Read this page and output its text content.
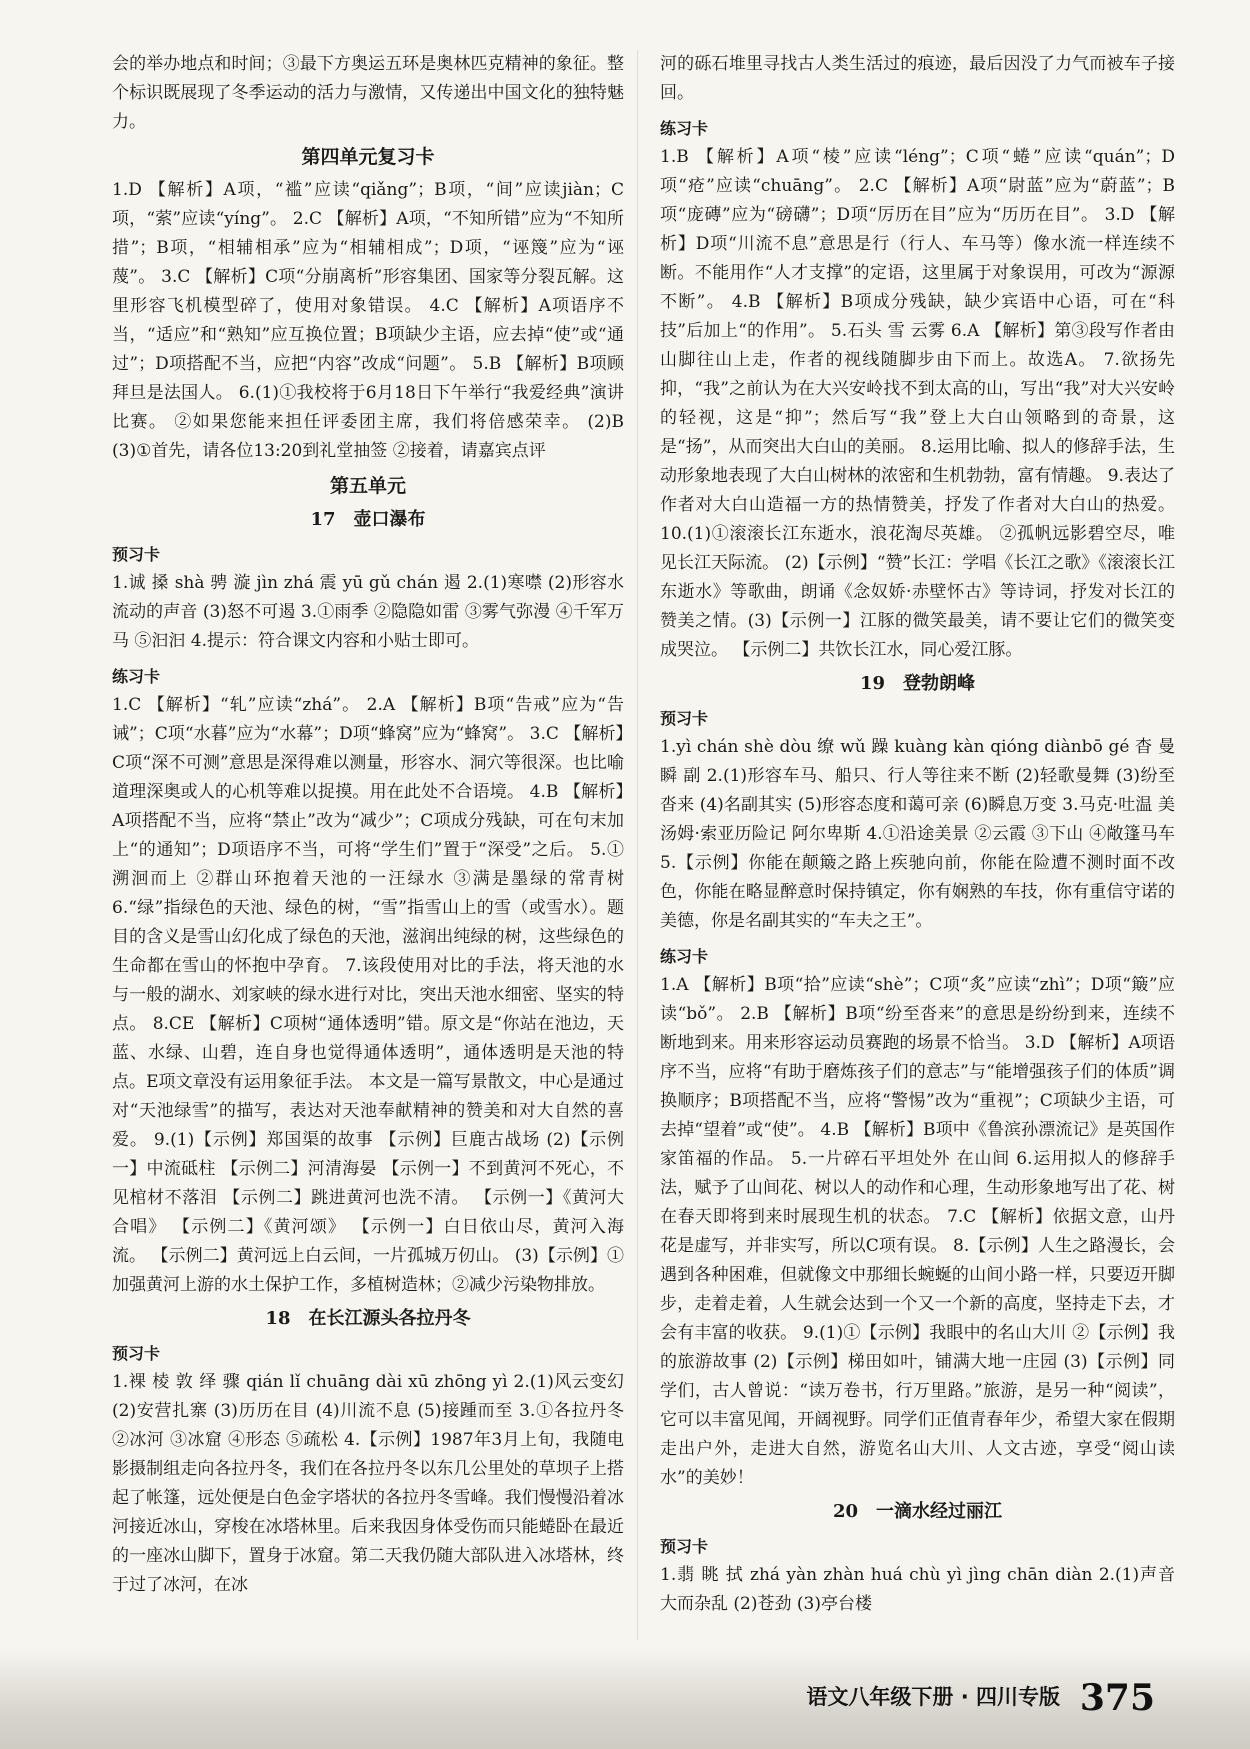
会的举办地点和时间；③最下方奥运五环是奥林匹克精神的象征。整个标识既展现了冬季运动的活力与激情，又传递出中国文化的独特魅力。

第四单元复习卡

1.D 【解析】A项，“褴”应读“qiǎng”；B项，“间”应读jiàn；C项，“萦”应读“yíng”。 2.C 【解析】A项，“不知所错”应为“不知所措”；B项，“相辅相承”应为“相辅相成”；D项，“诬篾”应为“诬蔑”。 3.C 【解析】C项“分崩离析”形容集团、国家等分裂瓦解。这里形容飞机模型碎了，使用对象错误。 4.C 【解析】A项语序不当，“适应”和“熟知”应互换位置；B项缺少主语，应去掉“使”或“通过”；D项搭配不当，应把“内容”改成“问题”。 5.B 【解析】B项顾拜旦是法国人。 6.(1)①我校将于6月18日下午举行“我爱经典”演讲比赛。 ②如果您能来担任评委团主席，我们将倍感荣幸。 (2)B (3)①首先，请各位13:20到礼堂抽签 ②接着，请嘉宾点评

第五单元
17　壶口瀑布
预习卡

1.诚 搡 shà 骋 漩 jìn zhá 震 yū gǔ chán 遏 2.(1)寒噤 (2)形容水流动的声音 (3)怒不可遏 3.①雨季 ②隐隐如雷 ③雾气弥漫 ④千军万马 ⑤汩汩 4.提示：符合课文内容和小贴士即可。

练习卡

1.C 【解析】“轧”应读“zhá”。 2.A 【解析】B项“告戒”应为“告诫”；C项“水暮”应为“水幕”；D项“蜂窝”应为“蜂窝”。 3.C 【解析】C项“深不可测”意思是深得难以测量，形容水、洞穴等很深。也比喻道理深奥或人的心机等难以捉摸。用在此处不合语境。 4.B 【解析】A项搭配不当，应将“禁止”改为“减少”；C项成分残缺，可在句末加上“的通知”；D项语序不当，可将“学生们”置于“深受”之后。 5.①溯洄而上 ②群山环抱着天池的一汪绿水 ③满是墨绿的常青树 6.“绿”指绿色的天池、绿色的树，“雪”指雪山上的雪（或雪水）。题目的含义是雪山幻化成了绿色的天池，滋润出纯绿的树，这些绿色的生命都在雪山的怀抱中孕育。 7.该段使用对比的手法，将天池的水与一般的湖水、刘家峡的绿水进行对比，突出天池水细密、坚实的特点。 8.CE 【解析】C项树“通体透明”错。原文是“你站在池边，天蓝、水绿、山碧，连自身也觉得通体透明”，通体透明是天池的特点。E项文章没有运用象征手法。 本文是一篇写景散文，中心是通过对“天池绿雪”的描写，表达对天池奉献精神的赞美和对大自然的喜爱。 9.(1)【示例】郑国渠的故事 【示例】巨鹿古战场 (2)【示例一】中流砥柱 【示例二】河清海晏 【示例一】不到黄河不死心，不见棺材不落泪 【示例二】跳进黄河也洗不清。 【示例一】《黄河大合唱》 【示例二】《黄河颂》 【示例一】白日依山尽，黄河入海流。 【示例二】黄河远上白云间，一片孤城万仞山。 (3)【示例】①加强黄河上游的水土保护工作，多植树造林；②减少污染物排放。

18　在长江源头各拉丹冬
预习卡

1.裸 棱 敦 绎 骤 qián lǐ chuāng dài xū zhōng yì 2.(1)风云变幻 (2)安营扎寨 (3)历历在目 (4)川流不息 (5)接踵而至 3.①各拉丹冬 ②冰河 ③冰窟 ④形态 ⑤疏松 4.【示例】1987年3月上旬，我随电影摄制组走向各拉丹冬，我们在各拉丹冬以东几公里处的草坝子上搭起了帐篷，远处便是白色金字塔状的各拉丹冬雪峰。我们慢慢沿着冰河接近冰山，穿梭在冰塔林里。后来我因身体受伤而只能蜷卧在最近的一座冰山脚下，置身于冰窟。第二天我仍随大部队进入冰塔林，终于过了冰河，在冰

河的砾石堆里寻找古人类生活过的痕迹，最后因没了力气而被车子接回。

练习卡

1.B 【解析】A项“棱”应读“léng”；C项“蜷”应读“quán”；D项“疮”应读“chuāng”。 2.C 【解析】A项“尉蓝”应为“蔚蓝”；B项“庞磚”应为“磅礴”；D项“厉历在目”应为“历历在目”。 3.D 【解析】D项“川流不息”意思是行（行人、车马等）像水流一样连续不断。不能用作“人才支撑”的定语，这里属于对象误用，可改为“源源不断”。 4.B 【解析】B项成分残缺，缺少宾语中心语，可在“科技”后加上“的作用”。 5.石头 雪 云雾 6.A 【解析】第③段写作者由山脚往山上走，作者的视线随脚步由下而上。故选A。 7.欲扬先抑，“我”之前认为在大兴安岭找不到太高的山，写出“我”对大兴安岭的轻视，这是“抑”；然后写“我”登上大白山领略到的奇景，这是“扬”，从而突出大白山的美丽。 8.运用比喻、拟人的修辞手法，生动形象地表现了大白山树林的浓密和生机勃勃，富有情趣。 9.表达了作者对大白山造福一方的热情赞美，抒发了作者对大白山的热爱。 10.(1)①滚滚长江东逝水，浪花淘尽英雄。 ②孤帆远影碧空尽，唯见长江天际流。 (2)【示例】“赞”长江：学唱《长江之歌》《滚滚长江东逝水》等歌曲，朗诵《念奴娇·赤壁怀古》等诗词，抒发对长江的赞美之情。(3)【示例一】江豚的微笑最美，请不要让它们的微笑变成哭泣。 【示例二】共饮长江水，同心爱江豚。

19　登勃朗峰
预习卡

1.yì chán shè dòu 缭 wǔ 躁 kuàng kàn qióng diànbō gé 杳 曼 瞬 副 2.(1)形容车马、船只、行人等往来不断 (2)轻歌曼舞 (3)纷至沓来 (4)名副其实 (5)形容态度和蔼可亲 (6)瞬息万变 3.马克·吐温 美 汤姆·索亚历险记 阿尔卑斯 4.①沿途美景 ②云霞 ③下山 ④敞篷马车 5.【示例】你能在颠簸之路上疾驰向前，你能在险遭不测时面不改色，你能在略显醉意时保持镇定，你有娴熟的车技，你有重信守诺的美德，你是名副其实的“车夫之王”。

练习卡

1.A 【解析】B项“拾”应读“shè”；C项“炙”应读“zhì”；D项“簸”应读“bǒ”。 2.B 【解析】B项“纷至沓来”的意思是纷纷到来，连续不断地到来。用来形容运动员赛跑的场景不恰当。 3.D 【解析】A项语序不当，应将“有助于磨炼孩子们的意志”与“能增强孩子们的体质”调换顺序；B项搭配不当，应将“警惕”改为“重视”；C项缺少主语，可去掉“望着”或“使”。 4.B 【解析】B项中《鲁滨孙漂流记》是英国作家笛福的作品。 5.一片碎石平坦处外 在山间 6.运用拟人的修辞手法，赋予了山间花、树以人的动作和心理，生动形象地写出了花、树在春天即将到来时展现生机的状态。 7.C 【解析】依据文意，山丹花是虚写，并非实写，所以C项有误。 8.【示例】人生之路漫长，会遇到各种困难，但就像文中那细长蜿蜒的山间小路一样，只要迈开脚步，走着走着，人生就会达到一个又一个新的高度，坚持走下去，才会有丰富的收获。 9.(1)①【示例】我眼中的名山大川 ②【示例】我的旅游故事 (2)【示例】梯田如叶，铺满大地一庄园 (3)【示例】同学们，古人曾说：“读万卷书，行万里路。”旅游，是另一种“阅读”，它可以丰富见闻，开阔视野。同学们正值青春年少，希望大家在假期走出户外，走进大自然，游览名山大川、人文古迹，享受“阅山读水”的美妙！

20　一滴水经过丽江
预习卡

1.翡 眺 拭 zhá yàn zhàn huá chù yì jìng chān diàn 2.(1)声音大而杂乱 (2)苍劲 (3)亭台楼

语文八年级下册 · 四川专版 375
